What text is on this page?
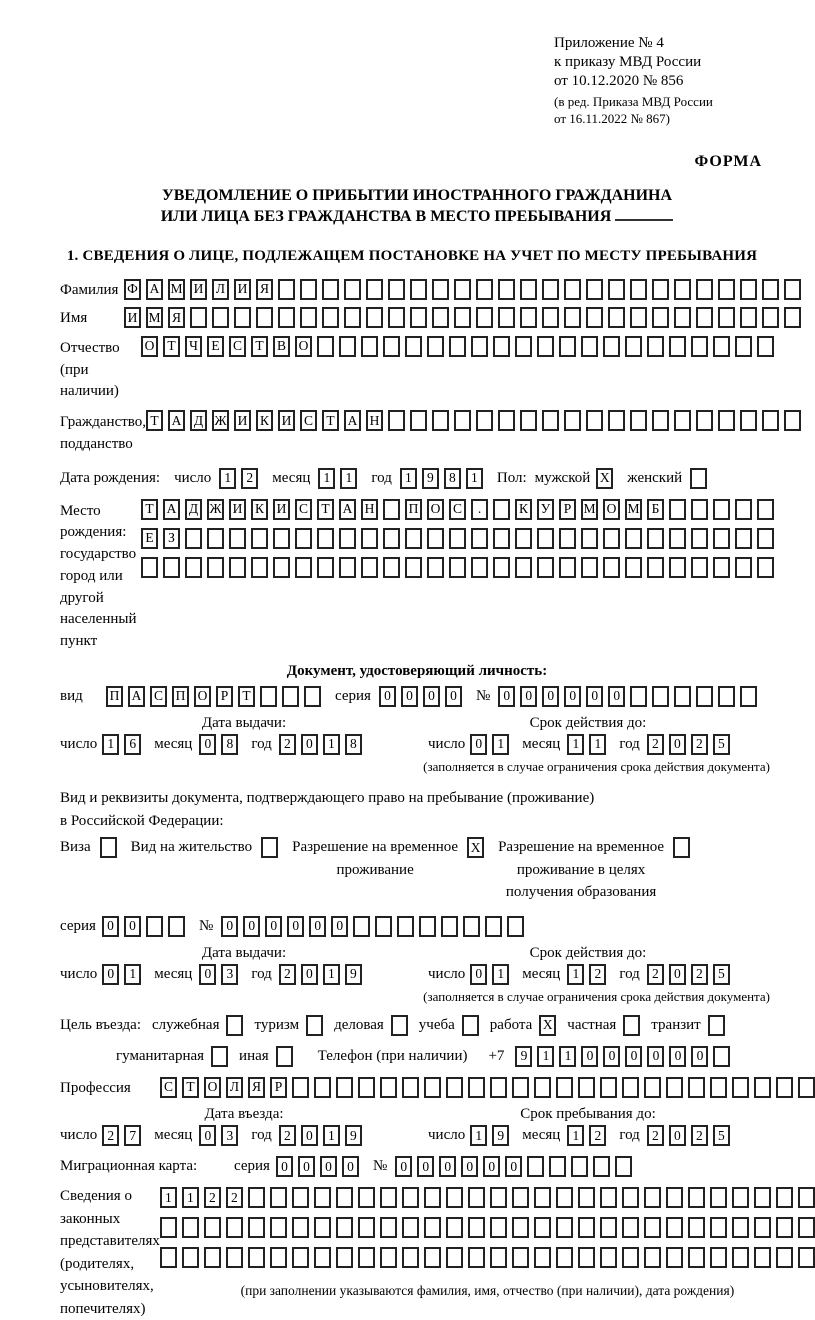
Приложение № 4
к приказу МВД России
от 10.12.2020 № 856
(в ред. Приказа МВД России
от 16.11.2022 № 867)
ФОРМА
УВЕДОМЛЕНИЕ О ПРИБЫТИИ ИНОСТРАННОГО ГРАЖДАНИНА
ИЛИ ЛИЦА БЕЗ ГРАЖДАНСТВА В МЕСТО ПРЕБЫВАНИЯ
1. СВЕДЕНИЯ О ЛИЦЕ, ПОДЛЕЖАЩЕМ ПОСТАНОВКЕ НА УЧЕТ ПО МЕСТУ ПРЕБЫВАНИЯ
Фамилия Ф А М И Л И Я
Имя	И М Я
Отчество
(при наличии)
О Т Ч Е С Т В О
Гражданство,
подданство
Т А Д Ж И К И С Т А Н
Дата рождения: число 1	2	месяц 1	1	год 1	9	8	1	Пол: мужской X женский
Место рождения:
государство
город или другой
населенный пункт
Т А Д Ж И К И С Т А Н	П О С	.	К У Р М О М Б
Е	З
Документ, удостоверяющий личность:
вид	П А С П О Р	Т	серия 0	0	0	0	№ 0	0	0	0	0	0
Дата выдачи:	Срок действия до:
число 1	6	месяц 0	8	год 2	0	1	8	число 0	1	месяц 1	1	год 2	0	2	5
(заполняется в случае ограничения срока действия документа)
Вид и реквизиты документа, подтверждающего право на пребывание (проживание)
в Российской Федерации:
Виза	Вид на жительство	Разрешение на временное
проживание
X Разрешение на временное
проживание в целях
получения образования
серия 0	0	№ 0	0	0	0	0	0
Дата выдачи:	Срок действия до:
число 0	1	месяц 0	3	год 2	0	1	9	число 0	1	месяц 1	2	год 2	0	2	5
(заполняется в случае ограничения срока действия документа)
Цель въезда: служебная туризм деловая учеба работа X частная транзит
гуманитарная иная	Телефон (при наличии) +7	9	1	1	0	0	0	0	0	0
Профессия	С Т О Л Я	Р
Дата въезда:	Срок пребывания до:
число 2	7	месяц 0	3	год 2	0	1	9	число 1	9	месяц 1	2	год 2	0	2	5
Миграционная карта:	серия 0	0	0	0	№ 0	0	0	0	0	0
Сведения о
законных
представителях
(родителях,
усыновителях,
попечителях)
1	1	2	2
(при заполнении указываются фамилия, имя, отчество (при наличии), дата рождения)
